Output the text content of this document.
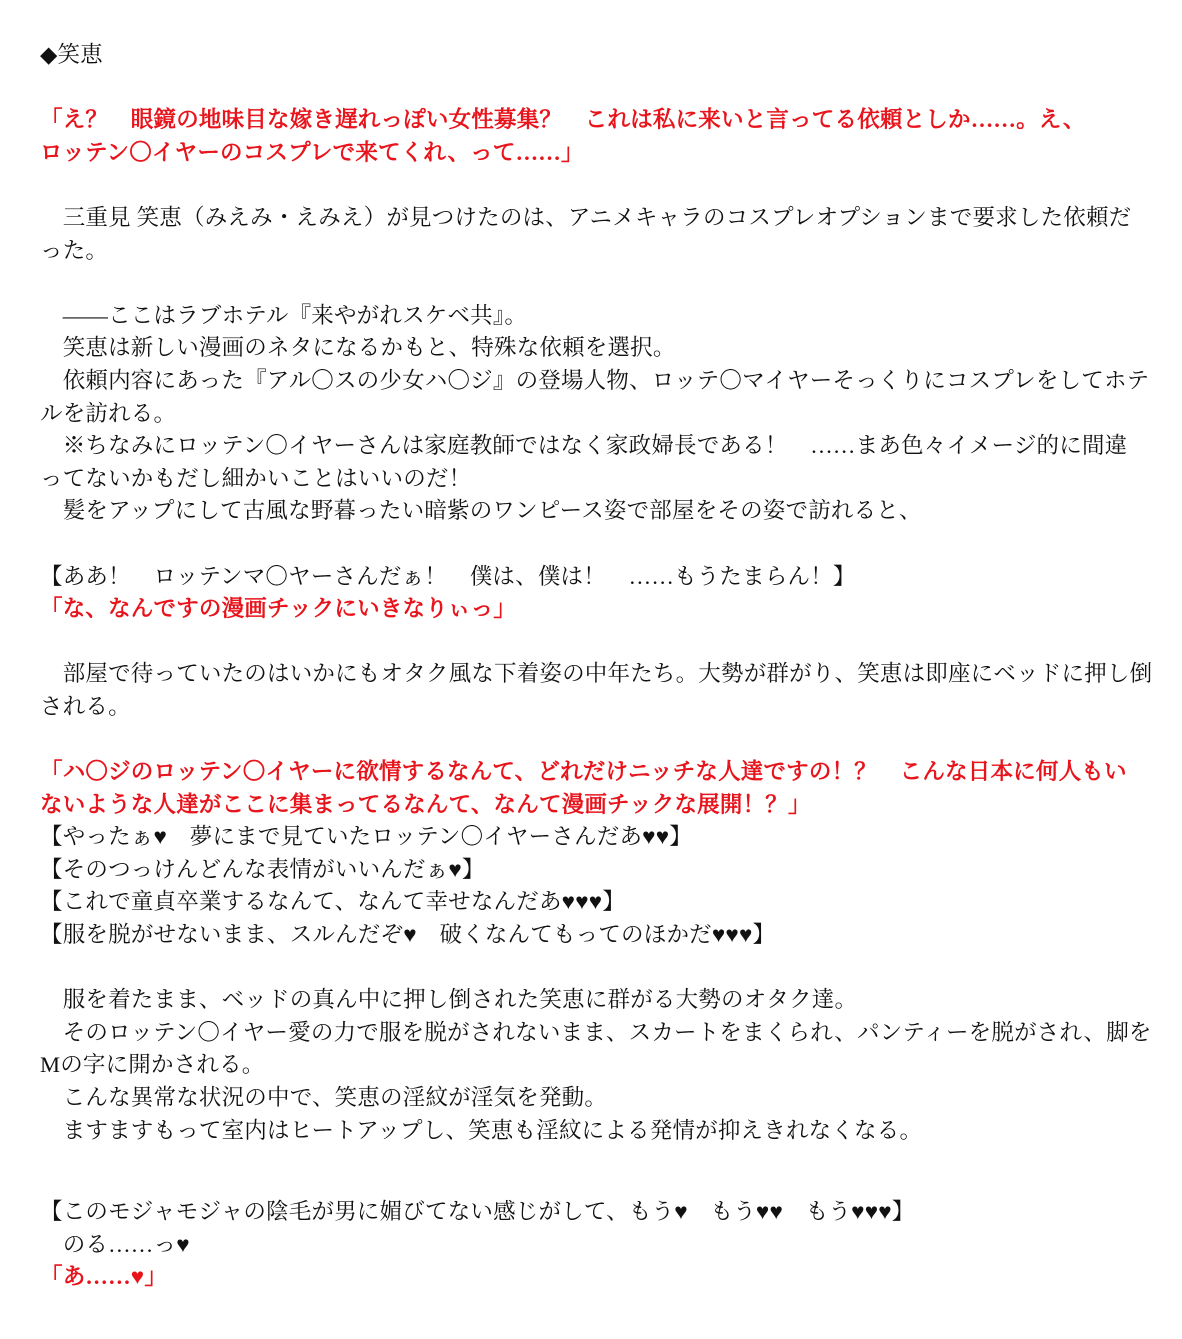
◆笑恵
「え？　眼鏡の地味目な嫁き遅れっぽい女性募集？　これは私に来いと言ってる依頼としか……。え、
ロッテン〇イヤーのコスプレで来てくれ、って……」
　三重見 笑恵（みえみ・えみえ）が見つけたのは、アニメキャラのコスプレオプションまで要求した依頼だ
った。
　――ここはラブホテル『来やがれスケベ共』。
　笑恵は新しい漫画のネタになるかもと、特殊な依頼を選択。
　依頼内容にあった『アル〇スの少女ハ〇ジ』の登場人物、ロッテ〇マイヤーそっくりにコスプレをしてホテ
ルを訪れる。
　※ちなみにロッテン〇イヤーさんは家庭教師ではなく家政婦長である！　……まあ色々イメージ的に間違
ってないかもだし細かいことはいいのだ！
　髪をアップにして古風な野暮ったい暗紫のワンピース姿で部屋をその姿で訪れると、
【ああ！　ロッテンマ〇ヤーさんだぁ！　僕は、僕は！　……もうたまらん！】
「な、なんですの漫画チックにいきなりぃっ」
　部屋で待っていたのはいかにもオタク風な下着姿の中年たち。大勢が群がり、笑恵は即座にベッドに押し倒
される。
「ハ〇ジのロッテン〇イヤーに欲情するなんて、どれだけニッチな人達ですの！？　こんな日本に何人もい
ないような人達がここに集まってるなんて、なんて漫画チックな展開！？」
【やったぁ♥　夢にまで見ていたロッテン〇イヤーさんだあ♥♥】
【そのつっけんどんな表情がいいんだぁ♥】
【これで童貞卒業するなんて、なんて幸せなんだあ♥♥♥】
【服を脱がせないまま、スルんだぞ♥　破くなんてもってのほかだ♥♥♥】
　服を着たまま、ベッドの真ん中に押し倒された笑恵に群がる大勢のオタク達。
　そのロッテン〇イヤー愛の力で服を脱がされないまま、スカートをまくられ、パンティーを脱がされ、脚を
Mの字に開かされる。
　こんな異常な状況の中で、笑恵の淫紋が淫気を発動。
　ますますもって室内はヒートアップし、笑恵も淫紋による発情が抑えきれなくなる。
【このモジャモジャの陰毛が男に媚びてない感じがして、もう♥　もう♥♥　もう♥♥♥】
　のる……っ♥
「あ……♥」
